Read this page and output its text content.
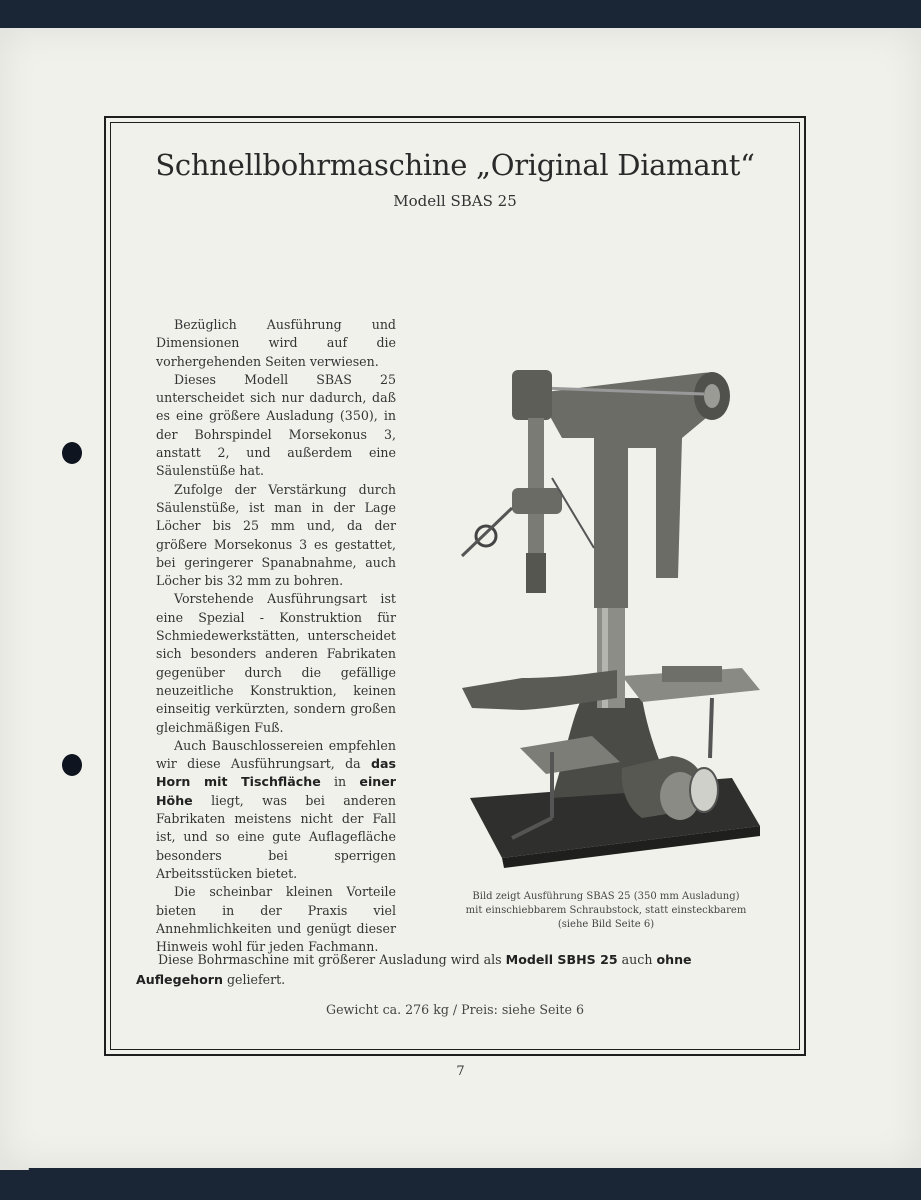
Schnellbohrmaschine „Original Diamant“
Modell SBAS 25

Bezüglich Ausführung und Dimensionen wird auf die vorhergehenden Seiten verwiesen.

Dieses Modell SBAS 25 unterscheidet sich nur dadurch, daß es eine größere Ausladung (350), in der Bohrspindel Morsekonus 3, anstatt 2, und außerdem eine Säulenstüße hat.

Zufolge der Verstärkung durch Säulenstüße, ist man in der Lage Löcher bis 25 mm und, da der größere Morsekonus 3 es gestattet, bei geringerer Spanabnahme, auch Löcher bis 32 mm zu bohren.

Vorstehende Ausführungsart ist eine Spezial - Konstruktion für Schmiedewerkstätten, unterscheidet sich besonders anderen Fabrikaten gegenüber durch die gefällige neuzeitliche Konstruktion, keinen einseitig verkürzten, sondern großen gleichmäßigen Fuß.

Auch Bauschlossereien empfehlen wir diese Ausführungsart, da das Horn mit Tischfläche in einer Höhe liegt, was bei anderen Fabrikaten meistens nicht der Fall ist, und so eine gute Auflagefläche besonders bei sperrigen Arbeitsstücken bietet.

Die scheinbar kleinen Vorteile bieten in der Praxis viel Annehmlichkeiten und genügt dieser Hinweis wohl für jeden Fachmann.

Bild zeigt Ausführung SBAS 25 (350 mm Ausladung)
mit einschiebbarem Schraubstock, statt einsteckbarem
(siehe Bild Seite 6)
Diese Bohrmaschine mit größerer Ausladung wird als Modell SBHS 25 auch ohne Auflegehorn geliefert.
Gewicht ca. 276 kg / Preis: siehe Seite 6
7
